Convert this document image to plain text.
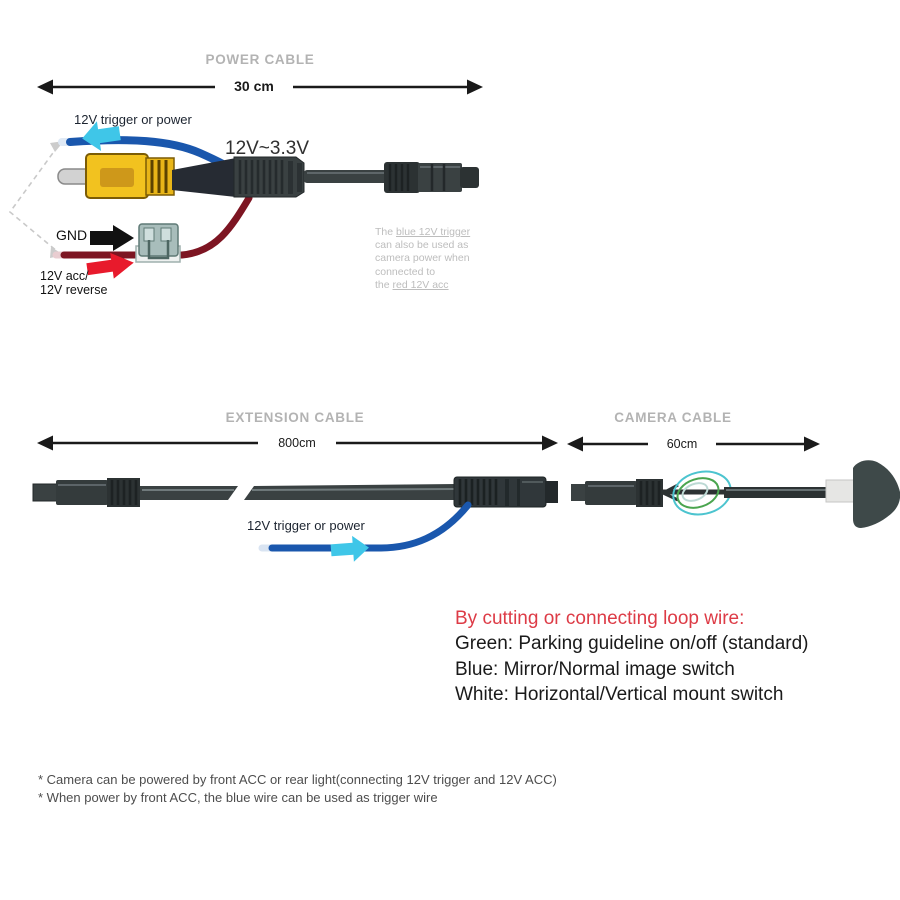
POWER CABLE
30 cm
12V trigger or power
12V~3.3V
GND
12V acc/
12V reverse
The blue 12V trigger
can also be used as
camera power when
connected to
the red 12V acc
EXTENSION CABLE
800cm
12V trigger or power
CAMERA CABLE
60cm
By cutting or connecting loop wire:
Green: Parking guideline on/off (standard)
Blue: Mirror/Normal image switch
White: Horizontal/Vertical mount switch
* Camera can be powered by front ACC or rear light(connecting 12V trigger and 12V ACC)
* When power by front ACC, the blue wire can be used as trigger wire
